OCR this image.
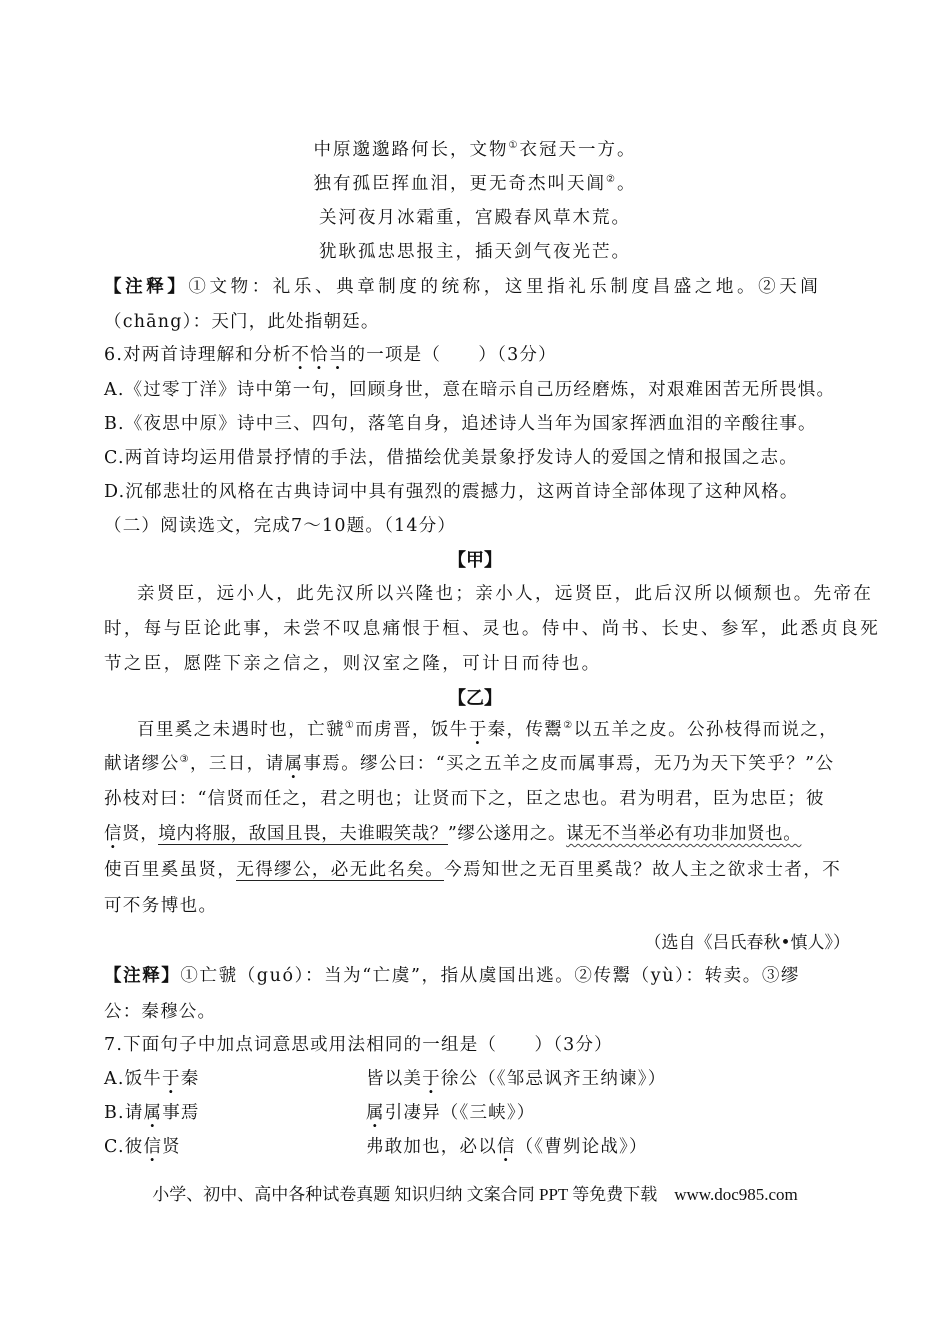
中原邈邈路何长，文物①衣冠天一方。
独有孤臣挥血泪，更无奇杰叫天阊②。
关河夜月冰霜重，宫殿春风草木荒。
犹耿孤忠思报主，插天剑气夜光芒。
【注释】①文物：礼乐、典章制度的统称，这里指礼乐制度昌盛之地。②天阊
（chāng）：天门，此处指朝廷。
6.对两首诗理解和分析不恰当的一项是（　　）（3分）
A.《过零丁洋》诗中第一句，回顾身世，意在暗示自己历经磨炼，对艰难困苦无所畏惧。
B.《夜思中原》诗中三、四句，落笔自身，追述诗人当年为国家挥洒血泪的辛酸往事。
C.两首诗均运用借景抒情的手法，借描绘优美景象抒发诗人的爱国之情和报国之志。
D.沉郁悲壮的风格在古典诗词中具有强烈的震撼力，这两首诗全部体现了这种风格。
（二）阅读选文，完成7～10题。（14分）
【甲】
亲贤臣，远小人，此先汉所以兴隆也；亲小人，远贤臣，此后汉所以倾颓也。先帝在
时，每与臣论此事，未尝不叹息痛恨于桓、灵也。侍中、尚书、长史、参军，此悉贞良死
节之臣，愿陛下亲之信之，则汉室之隆，可计日而待也。
【乙】
百里奚之未遇时也，亡虢①而虏晋，饭牛于秦，传鬻②以五羊之皮。公孙枝得而说之，
献诸缪公③，三日，请属事焉。缪公曰：“买之五羊之皮而属事焉，无乃为天下笑乎？”公
孙枝对曰：“信贤而任之，君之明也；让贤而下之，臣之忠也。君为明君，臣为忠臣；彼
信贤，境内将服，敌国且畏，夫谁暇笑哉？”缪公遂用之。谋无不当举必有功非加贤也。
使百里奚虽贤，无得缪公，必无此名矣。今焉知世之无百里奚哉？故人主之欲求士者，不
可不务博也。
（选自《吕氏春秋•慎人》）
【注释】①亡虢（guó）：当为“亡虞”，指从虞国出逃。②传鬻（yù）：转卖。③缪
公：秦穆公。
7.下面句子中加点词意思或用法相同的一组是（　　）（3分）
A.饭牛于秦	皆以美于徐公（《邹忌讽齐王纳谏》）
B.请属事焉	属引凄异（《三峡》）
C.彼信贤	弗敢加也，必以信（《曹刿论战》）
小学、初中、高中各种试卷真题 知识归纳 文案合同 PPT 等免费下载　www.doc985.com
